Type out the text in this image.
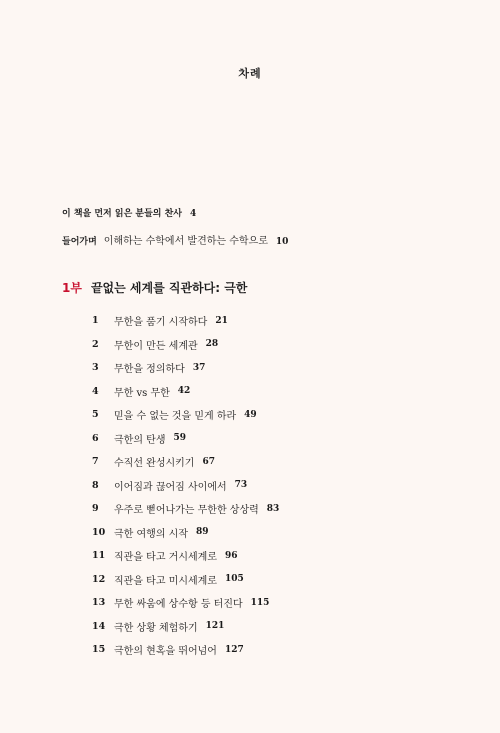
차례
이 책을 먼저 읽은 분들의 찬사 4
들어가며 이해하는 수학에서 발견하는 수학으로 10
1부 끝없는 세계를 직관하다: 극한
1	무한을 품기 시작하다 21
2	무한이 만든 세계관 28
3	무한을 정의하다 37
4	무한 vs 무한 42
5	믿을 수 없는 것을 믿게 하라 49
6	극한의 탄생 59
7	수직선 완성시키기 67
8	이어짐과 끊어짐 사이에서 73
9	우주로 뻗어나가는 무한한 상상력 83
10 극한 여행의 시작 89
11 직관을 타고 거시세계로 96
12 직관을 타고 미시세계로 105
13 무한 싸움에 상수항 등 터진다 115
14 극한 상황 체험하기 121
15 극한의 현혹을 뛰어넘어 127
